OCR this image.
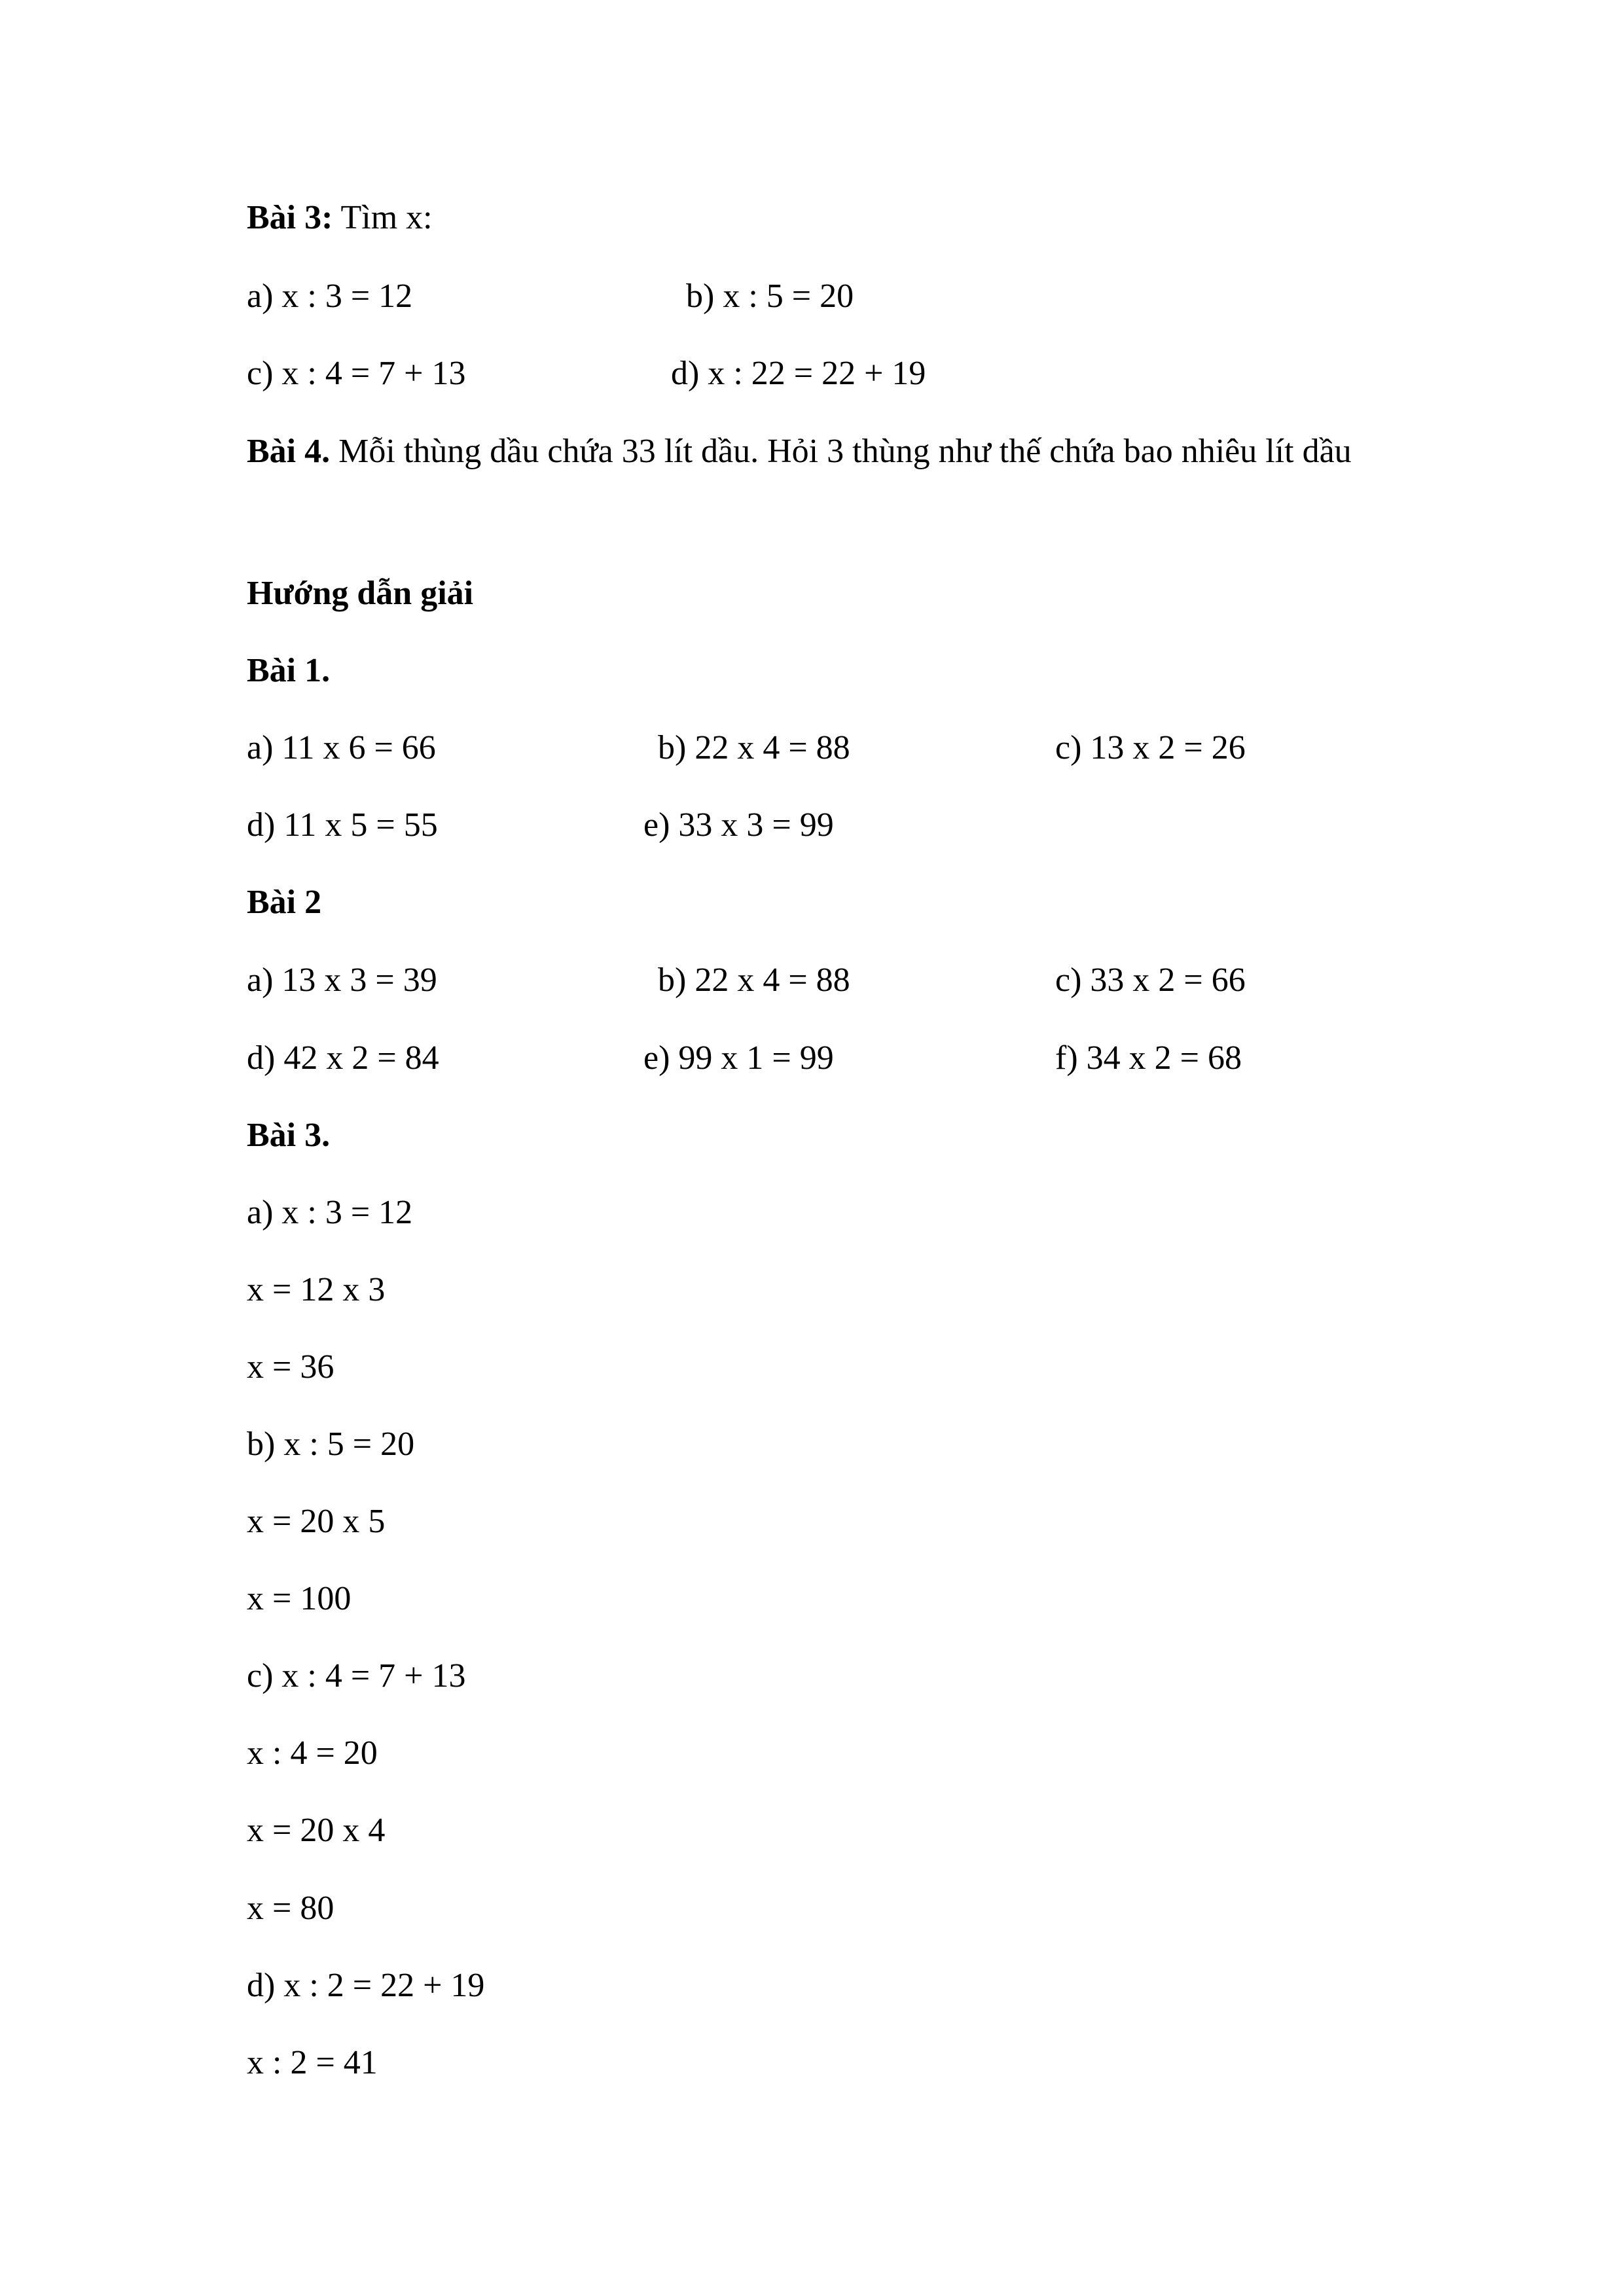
Bài 3: Tìm x:
a) x : 3 = 12	b) x : 5 = 20
c) x : 4 = 7 + 13	d) x : 22 = 22 + 19
Bài 4. Mỗi thùng dầu chứa 33 lít dầu. Hỏi 3 thùng như thế chứa bao nhiêu lít dầu
Hướng dẫn giải
Bài 1.
a) 11 x 6 = 66	b) 22 x 4 = 88	c) 13 x 2 = 26
d) 11 x 5 = 55	e) 33 x 3 = 99
Bài 2
a) 13 x 3 = 39	b) 22 x 4 = 88	c) 33 x 2 = 66
d) 42 x 2 = 84	e) 99 x 1 = 99	f) 34 x 2 = 68
Bài 3.
a) x : 3 = 12
x = 12 x 3
x = 36
b) x : 5 = 20
x = 20 x 5
x = 100
c) x : 4 = 7 + 13
x : 4 = 20
x = 20 x 4
x = 80
d) x : 2 = 22 + 19
x : 2 = 41
